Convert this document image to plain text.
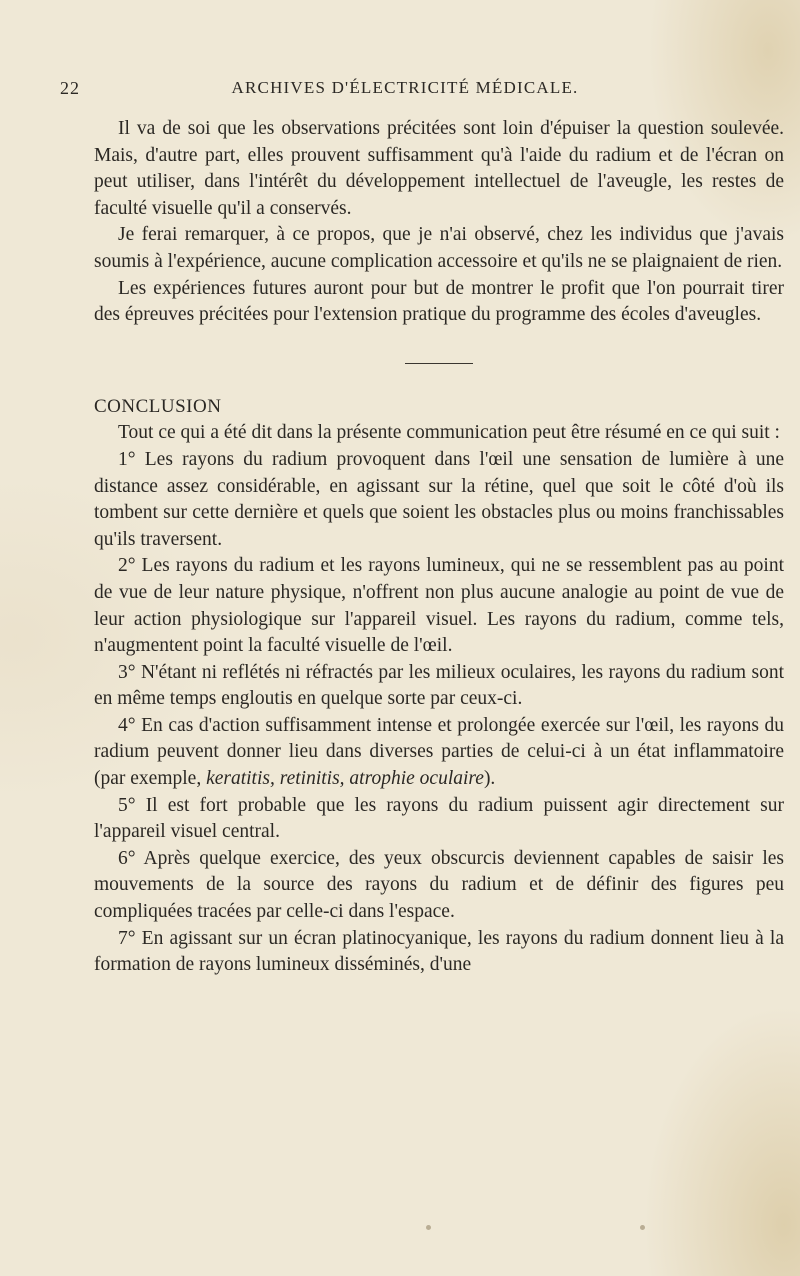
22	ARCHIVES D'ÉLECTRICITÉ MÉDICALE.

Il va de soi que les observations précitées sont loin d'épuiser la question soulevée. Mais, d'autre part, elles prouvent suffisamment qu'à l'aide du radium et de l'écran on peut utiliser, dans l'intérêt du développement intellectuel de l'aveugle, les restes de faculté visuelle qu'il a conservés.

Je ferai remarquer, à ce propos, que je n'ai observé, chez les individus que j'avais soumis à l'expérience, aucune complication accessoire et qu'ils ne se plaignaient de rien.

Les expériences futures auront pour but de montrer le profit que l'on pourrait tirer des épreuves précitées pour l'extension pratique du programme des écoles d'aveugles.

CONCLUSION

Tout ce qui a été dit dans la présente communication peut être résumé en ce qui suit :

1° Les rayons du radium provoquent dans l'œil une sensation de lumière à une distance assez considérable, en agissant sur la rétine, quel que soit le côté d'où ils tombent sur cette dernière et quels que soient les obstacles plus ou moins franchissables qu'ils traversent.

2° Les rayons du radium et les rayons lumineux, qui ne se ressemblent pas au point de vue de leur nature physique, n'offrent non plus aucune analogie au point de vue de leur action physiologique sur l'appareil visuel. Les rayons du radium, comme tels, n'augmentent point la faculté visuelle de l'œil.

3° N'étant ni reflétés ni réfractés par les milieux oculaires, les rayons du radium sont en même temps engloutis en quelque sorte par ceux-ci.

4° En cas d'action suffisamment intense et prolongée exercée sur l'œil, les rayons du radium peuvent donner lieu dans diverses parties de celui-ci à un état inflammatoire (par exemple, keratitis, retinitis, atrophie oculaire).

5° Il est fort probable que les rayons du radium puissent agir directement sur l'appareil visuel central.

6° Après quelque exercice, des yeux obscurcis deviennent capables de saisir les mouvements de la source des rayons du radium et de définir des figures peu compliquées tracées par celle-ci dans l'espace.

7° En agissant sur un écran platinocyanique, les rayons du radium donnent lieu à la formation de rayons lumineux disséminés, d'une
